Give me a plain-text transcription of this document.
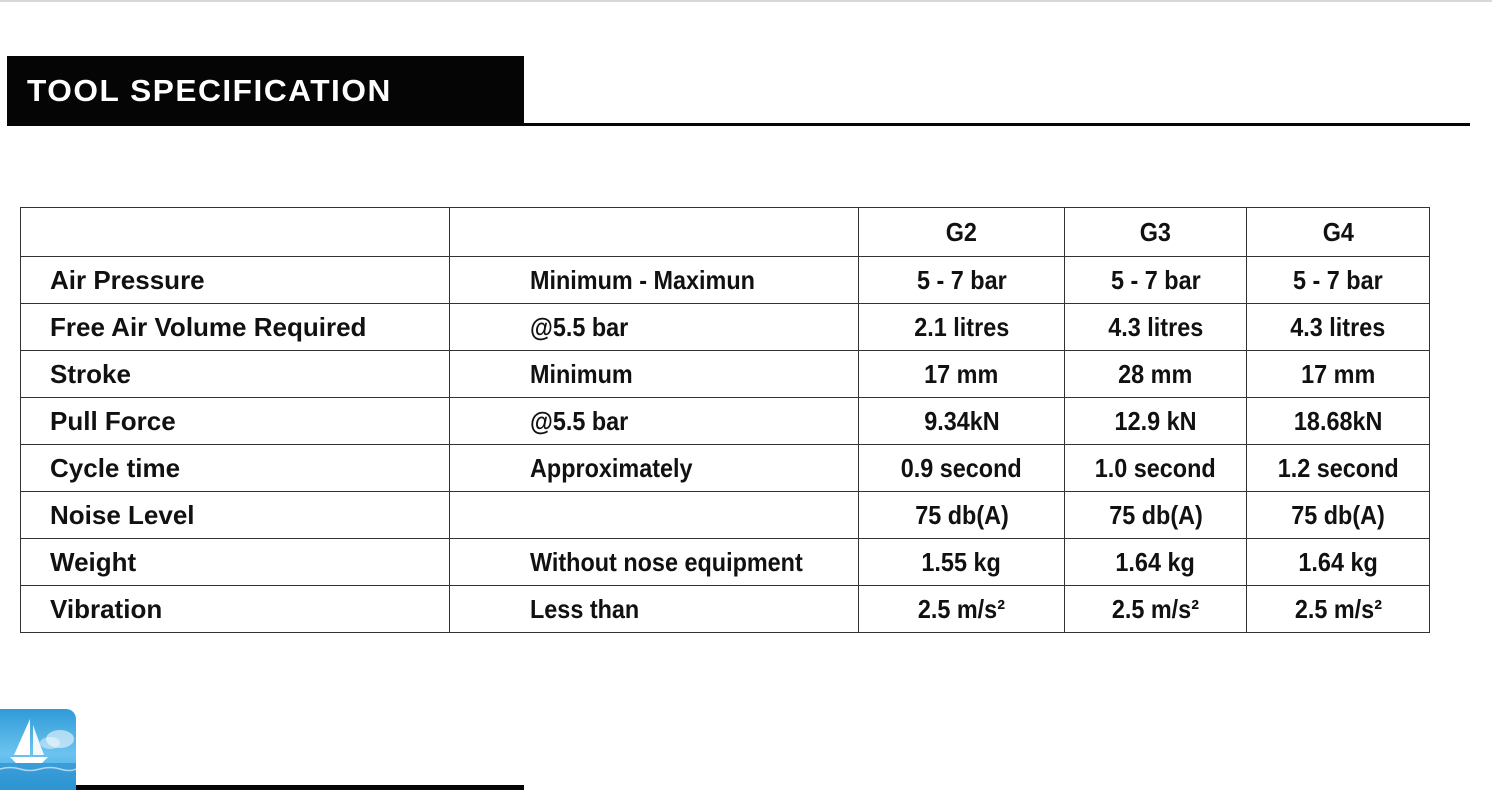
TOOL SPECIFICATION
		G2	G3	G4
Air Pressure	Minimum - Maximun	5 - 7 bar	5 - 7 bar	5 - 7 bar
Free Air Volume Required	@5.5 bar	2.1 litres	4.3 litres	4.3 litres
Stroke	Minimum	17 mm	28 mm	17 mm
Pull Force	@5.5 bar	9.34kN	12.9 kN	18.68kN
Cycle time	Approximately	0.9 second	1.0 second	1.2 second
Noise Level		75 db(A)	75 db(A)	75 db(A)
Weight	Without nose equipment	1.55 kg	1.64 kg	1.64 kg
Vibration	Less than	2.5 m/s²	2.5 m/s²	2.5 m/s²
